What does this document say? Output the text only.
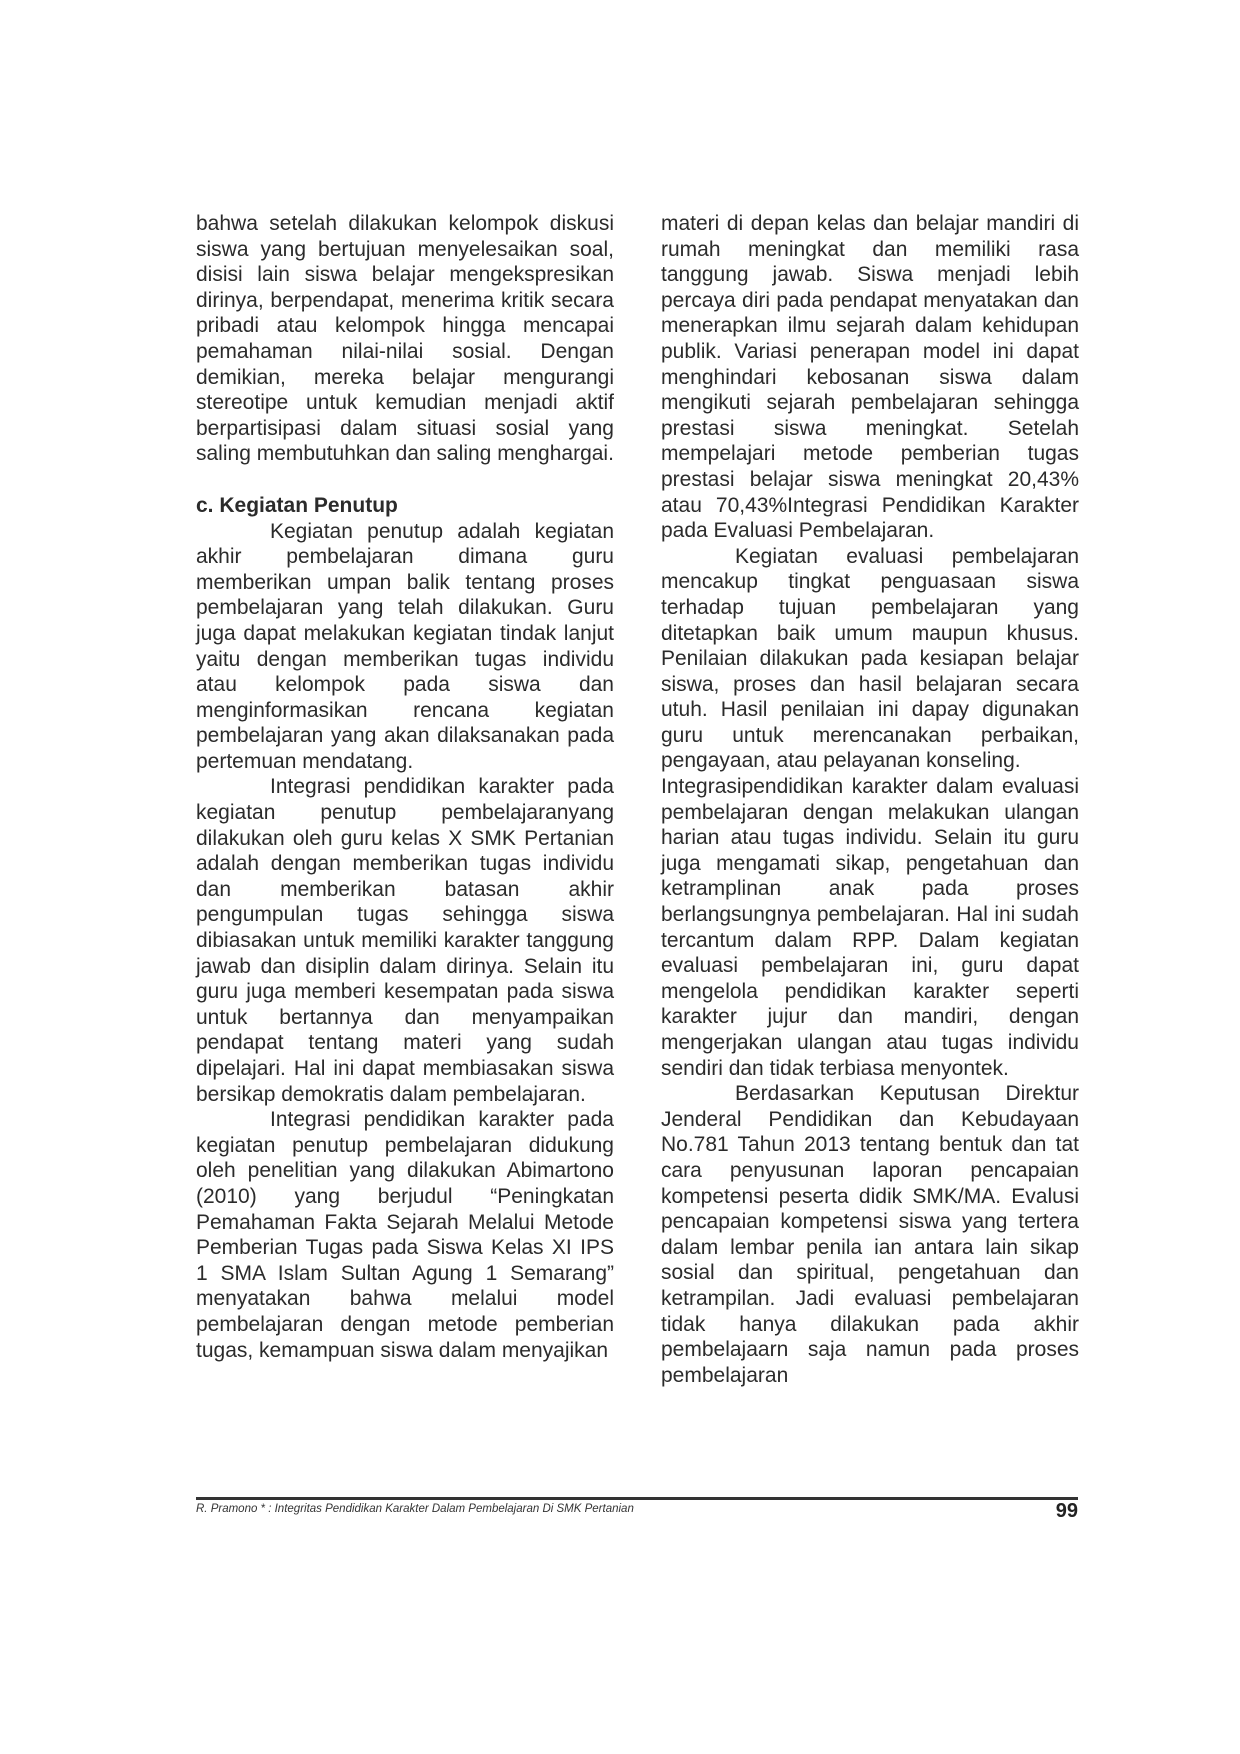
bahwa setelah dilakukan kelompok diskusi siswa yang bertujuan menyelesaikan soal, disisi lain siswa belajar mengekspresikan dirinya, berpendapat, menerima kritik secara pribadi atau kelompok hingga mencapai pemahaman nilai-nilai sosial. Dengan demikian, mereka belajar mengurangi stereotipe untuk kemudian menjadi aktif berpartisipasi dalam situasi sosial yang saling membutuhkan dan saling menghargai.

c. Kegiatan Penutup

Kegiatan penutup adalah kegiatan akhir pembelajaran dimana guru memberikan umpan balik tentang proses pembelajaran yang telah dilakukan. Guru juga dapat melakukan kegiatan tindak lanjut yaitu dengan memberikan tugas individu atau kelompok pada siswa dan menginformasikan rencana kegiatan pembelajaran yang akan dilaksanakan pada pertemuan mendatang.

Integrasi pendidikan karakter pada kegiatan penutup pembelajaranyang dilakukan oleh guru kelas X SMK Pertanian adalah dengan memberikan tugas individu dan memberikan batasan akhir pengumpulan tugas sehingga siswa dibiasakan untuk memiliki karakter tanggung jawab dan disiplin dalam dirinya. Selain itu guru juga memberi kesempatan pada siswa untuk bertannya dan menyampaikan pendapat tentang materi yang sudah dipelajari. Hal ini dapat membiasakan siswa bersikap demokratis dalam pembelajaran.

Integrasi pendidikan karakter pada kegiatan penutup pembelajaran didukung oleh penelitian yang dilakukan Abimartono (2010) yang berjudul “Peningkatan Pemahaman Fakta Sejarah Melalui Metode Pemberian Tugas pada Siswa Kelas XI IPS 1 SMA Islam Sultan Agung 1 Semarang” menyatakan bahwa melalui model pembelajaran dengan metode pemberian tugas, kemampuan siswa dalam menyajikan

materi di depan kelas dan belajar mandiri di rumah meningkat dan memiliki rasa tanggung jawab. Siswa menjadi lebih percaya diri pada pendapat menyatakan dan menerapkan ilmu sejarah dalam kehidupan publik. Variasi penerapan model ini dapat menghindari kebosanan siswa dalam mengikuti sejarah pembelajaran sehingga prestasi siswa meningkat. Setelah mempelajari metode pemberian tugas prestasi belajar siswa meningkat 20,43% atau 70,43%Integrasi Pendidikan Karakter pada Evaluasi Pembelajaran.

Kegiatan evaluasi pembelajaran mencakup tingkat penguasaan siswa terhadap tujuan pembelajaran yang ditetapkan baik umum maupun khusus. Penilaian dilakukan pada kesiapan belajar siswa, proses dan hasil belajaran secara utuh. Hasil penilaian ini dapay digunakan guru untuk merencanakan perbaikan, pengayaan, atau pelayanan konseling.

Integrasipendidikan karakter dalam evaluasi pembelajaran dengan melakukan ulangan harian atau tugas individu. Selain itu guru juga mengamati sikap, pengetahuan dan ketramplinan anak pada proses berlangsungnya pembelajaran. Hal ini sudah tercantum dalam RPP. Dalam kegiatan evaluasi pembelajaran ini, guru dapat mengelola pendidikan karakter seperti karakter jujur dan mandiri, dengan mengerjakan ulangan atau tugas individu sendiri dan tidak terbiasa menyontek.

Berdasarkan Keputusan Direktur Jenderal Pendidikan dan Kebudayaan No.781 Tahun 2013 tentang bentuk dan tat cara penyusunan laporan pencapaian kompetensi peserta didik SMK/MA. Evalusi pencapaian kompetensi siswa yang tertera dalam lembar penila ian antara lain sikap sosial dan spiritual, pengetahuan dan ketrampilan. Jadi evaluasi pembelajaran tidak hanya dilakukan pada akhir pembelajaarn saja namun pada proses pembelajaran

R. Pramono * : Integritas Pendidikan Karakter Dalam Pembelajaran Di SMK Pertanian	99
